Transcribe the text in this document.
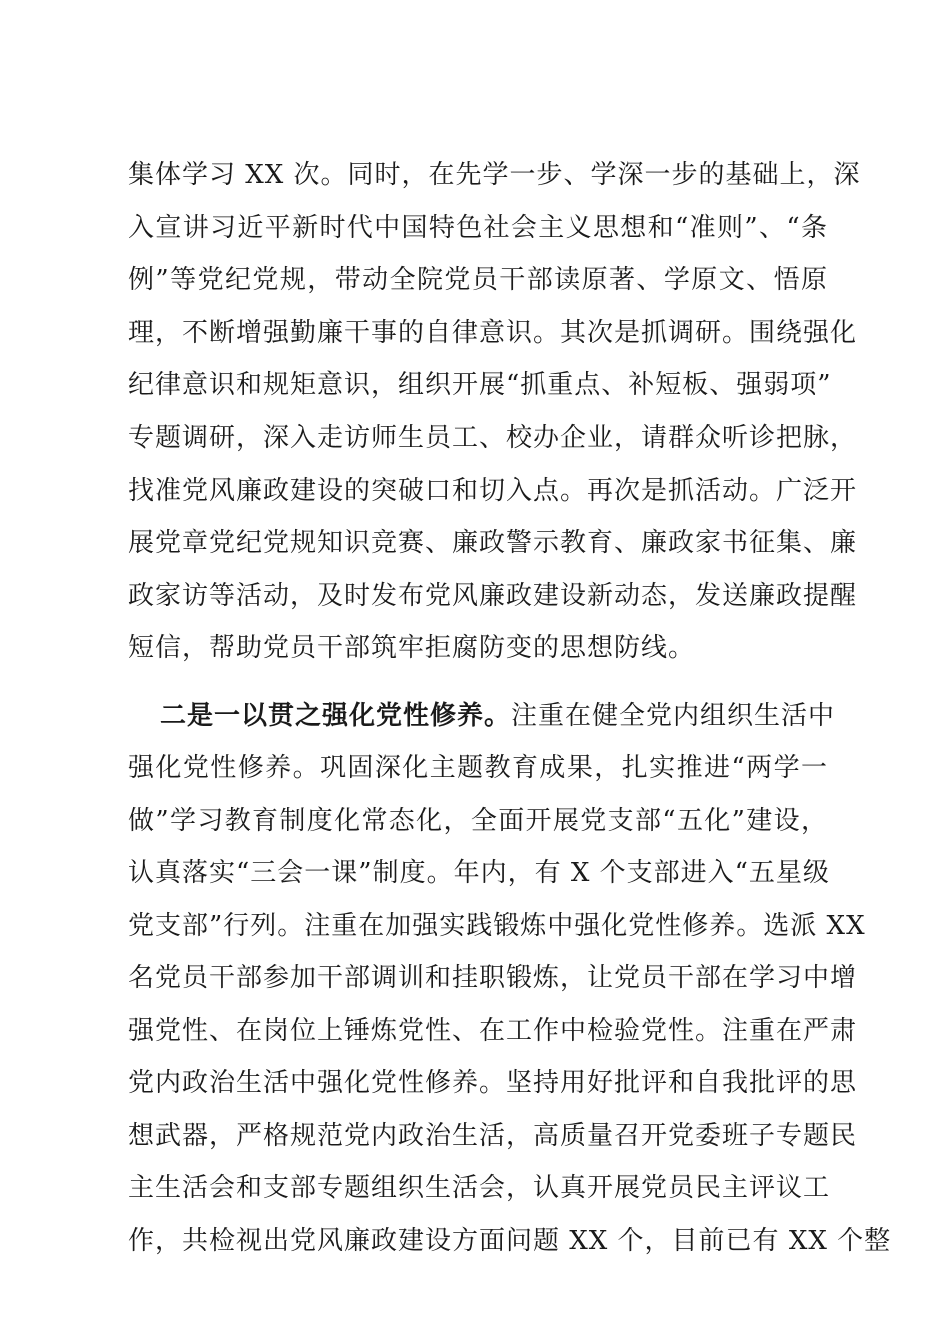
集体学习 XX 次。同时，在先学一步、学深一步的基础上，深
入宣讲习近平新时代中国特色社会主义思想和“准则”、“条
例”等党纪党规，带动全院党员干部读原著、学原文、悟原
理，不断增强勤廉干事的自律意识。其次是抓调研。围绕强化
纪律意识和规矩意识，组织开展“抓重点、补短板、强弱项”
专题调研，深入走访师生员工、校办企业，请群众听诊把脉，
找准党风廉政建设的突破口和切入点。再次是抓活动。广泛开
展党章党纪党规知识竞赛、廉政警示教育、廉政家书征集、廉
政家访等活动，及时发布党风廉政建设新动态，发送廉政提醒
短信，帮助党员干部筑牢拒腐防变的思想防线。
二是一以贯之强化党性修养。注重在健全党内组织生活中
强化党性修养。巩固深化主题教育成果，扎实推进“两学一
做”学习教育制度化常态化，全面开展党支部“五化”建设，
认真落实“三会一课”制度。年内，有 X 个支部进入“五星级
党支部”行列。注重在加强实践锻炼中强化党性修养。选派 XX
名党员干部参加干部调训和挂职锻炼，让党员干部在学习中增
强党性、在岗位上锤炼党性、在工作中检验党性。注重在严肃
党内政治生活中强化党性修养。坚持用好批评和自我批评的思
想武器，严格规范党内政治生活，高质量召开党委班子专题民
主生活会和支部专题组织生活会，认真开展党员民主评议工
作，共检视出党风廉政建设方面问题 XX 个，目前已有 XX 个整
